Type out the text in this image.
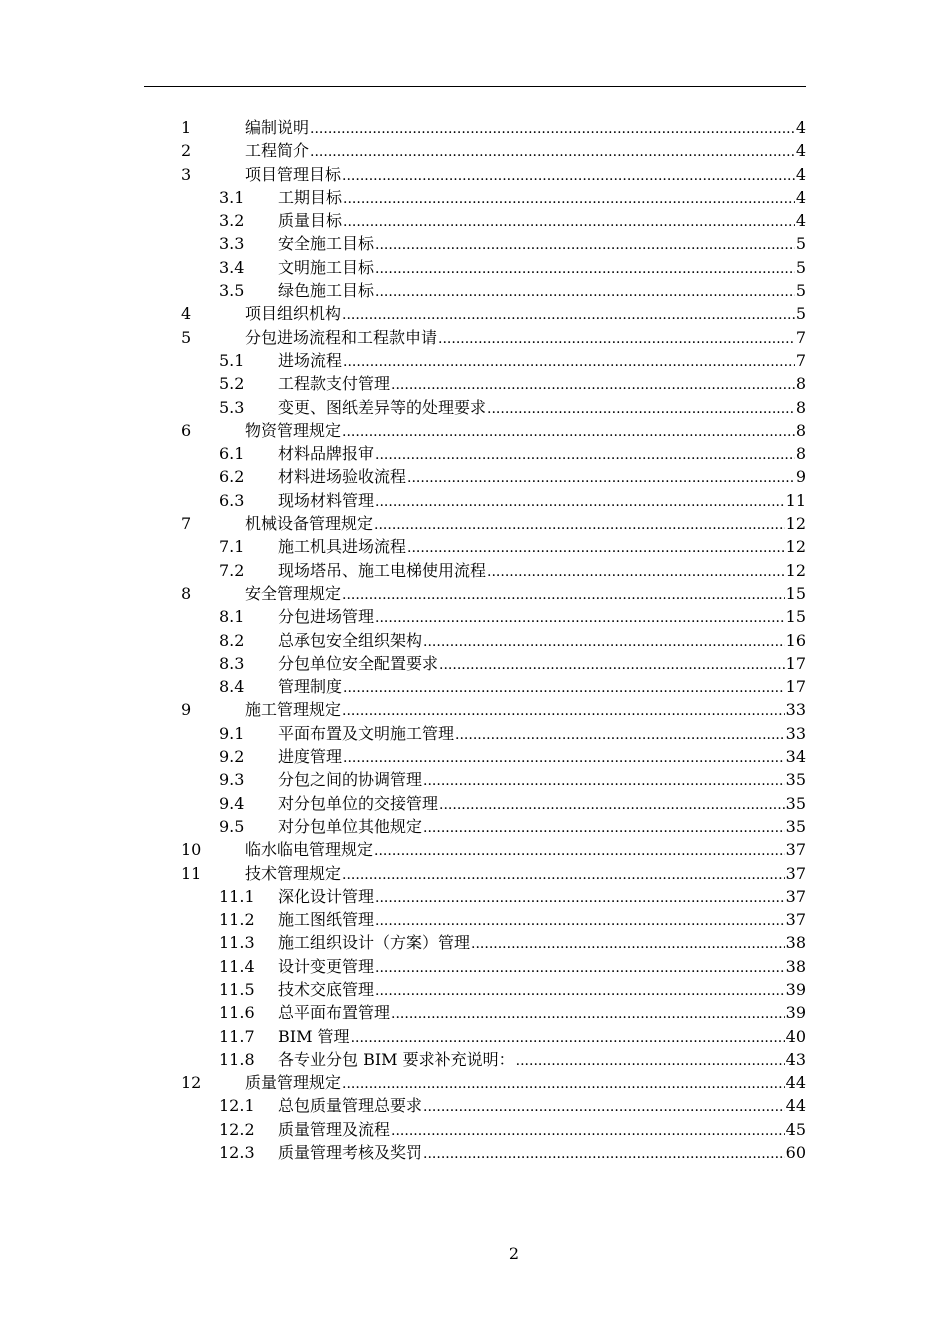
1	编制说明 .....	4
2	工程简介 .....	4
3	项目管理目标 .....	4
3.1	工期目标 .....	4
3.2	质量目标 .....	4
3.3	安全施工目标 .....	5
3.4	文明施工目标 .....	5
3.5	绿色施工目标 .....	5
4	项目组织机构 .....	5
5	分包进场流程和工程款申请 .....	7
5.1	进场流程 .....	7
5.2	工程款支付管理 .....	8
5.3	变更、图纸差异等的处理要求 .....	8
6	物资管理规定 .....	8
6.1	材料品牌报审 .....	8
6.2	材料进场验收流程 .....	9
6.3	现场材料管理 .....	11
7	机械设备管理规定 .....	12
7.1	施工机具进场流程 .....	12
7.2	现场塔吊、施工电梯使用流程 .....	12
8	安全管理规定 .....	15
8.1	分包进场管理 .....	15
8.2	总承包安全组织架构 .....	16
8.3	分包单位安全配置要求 .....	17
8.4	管理制度 .....	17
9	施工管理规定 .....	33
9.1	平面布置及文明施工管理 .....	33
9.2	进度管理 .....	34
9.3	分包之间的协调管理 .....	35
9.4	对分包单位的交接管理 .....	35
9.5	对分包单位其他规定 .....	35
10	临水临电管理规定 .....	37
11	技术管理规定 .....	37
11.1	深化设计管理 .....	37
11.2	施工图纸管理 .....	37
11.3	施工组织设计（方案）管理 .....	38
11.4	设计变更管理 .....	38
11.5	技术交底管理 .....	39
11.6	总平面布置管理 .....	39
11.7	BIM 管理 .....	40
11.8	各专业分包 BIM 要求补充说明： .....	43
12	质量管理规定 .....	44
12.1	总包质量管理总要求 .....	44
12.2	质量管理及流程 .....	45
12.3	质量管理考核及奖罚 .....	60
2
